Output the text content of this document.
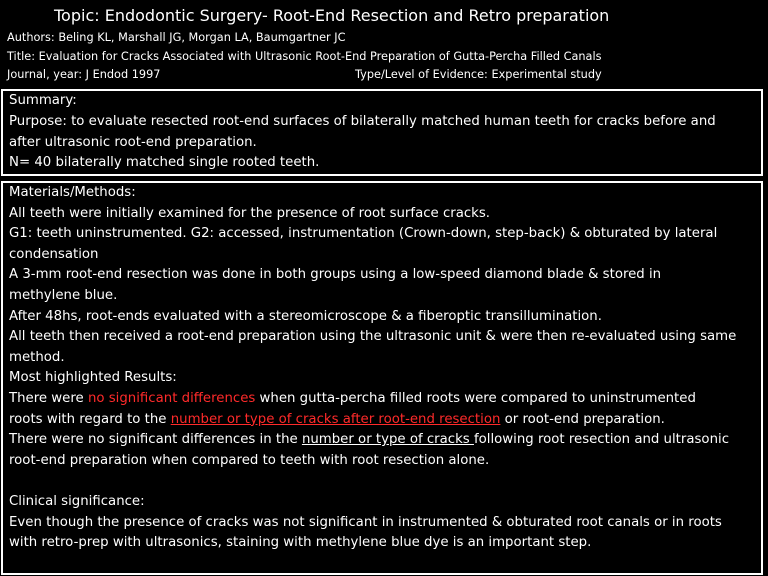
Topic: Endodontic Surgery- Root-End Resection and Retro preparation
Authors: Beling KL, Marshall JG, Morgan LA, Baumgartner JC
Title: Evaluation for Cracks Associated with Ultrasonic Root-End Preparation of Gutta-Percha Filled Canals
Journal, year: J Endod 1997	Type/Level of Evidence: Experimental study

Summary:

Purpose: to evaluate resected root-end surfaces of bilaterally matched human teeth for cracks before and

after ultrasonic root-end preparation.

N= 40 bilaterally matched single rooted teeth.

Materials/Methods:

All teeth were initially examined for the presence of root surface cracks.

G1: teeth uninstrumented. G2: accessed, instrumentation (Crown-down, step-back) & obturated by lateral

condensation

A 3-mm root-end resection was done in both groups using a low-speed diamond blade & stored in

methylene blue.

After 48hs, root-ends evaluated with a stereomicroscope & a fiberoptic transillumination.

All teeth then received a root-end preparation using the ultrasonic unit & were then re-evaluated using same

method.

Most highlighted Results:

There were no significant differences when gutta-percha filled roots were compared to uninstrumented

roots with regard to the number or type of cracks after root-end resection or root-end preparation.

There were no significant differences in the number or type of cracks following root resection and ultrasonic

root-end preparation when compared to teeth with root resection alone.

Clinical significance:

Even though the presence of cracks was not significant in instrumented & obturated root canals or in roots

with retro-prep with ultrasonics, staining with methylene blue dye is an important step.
